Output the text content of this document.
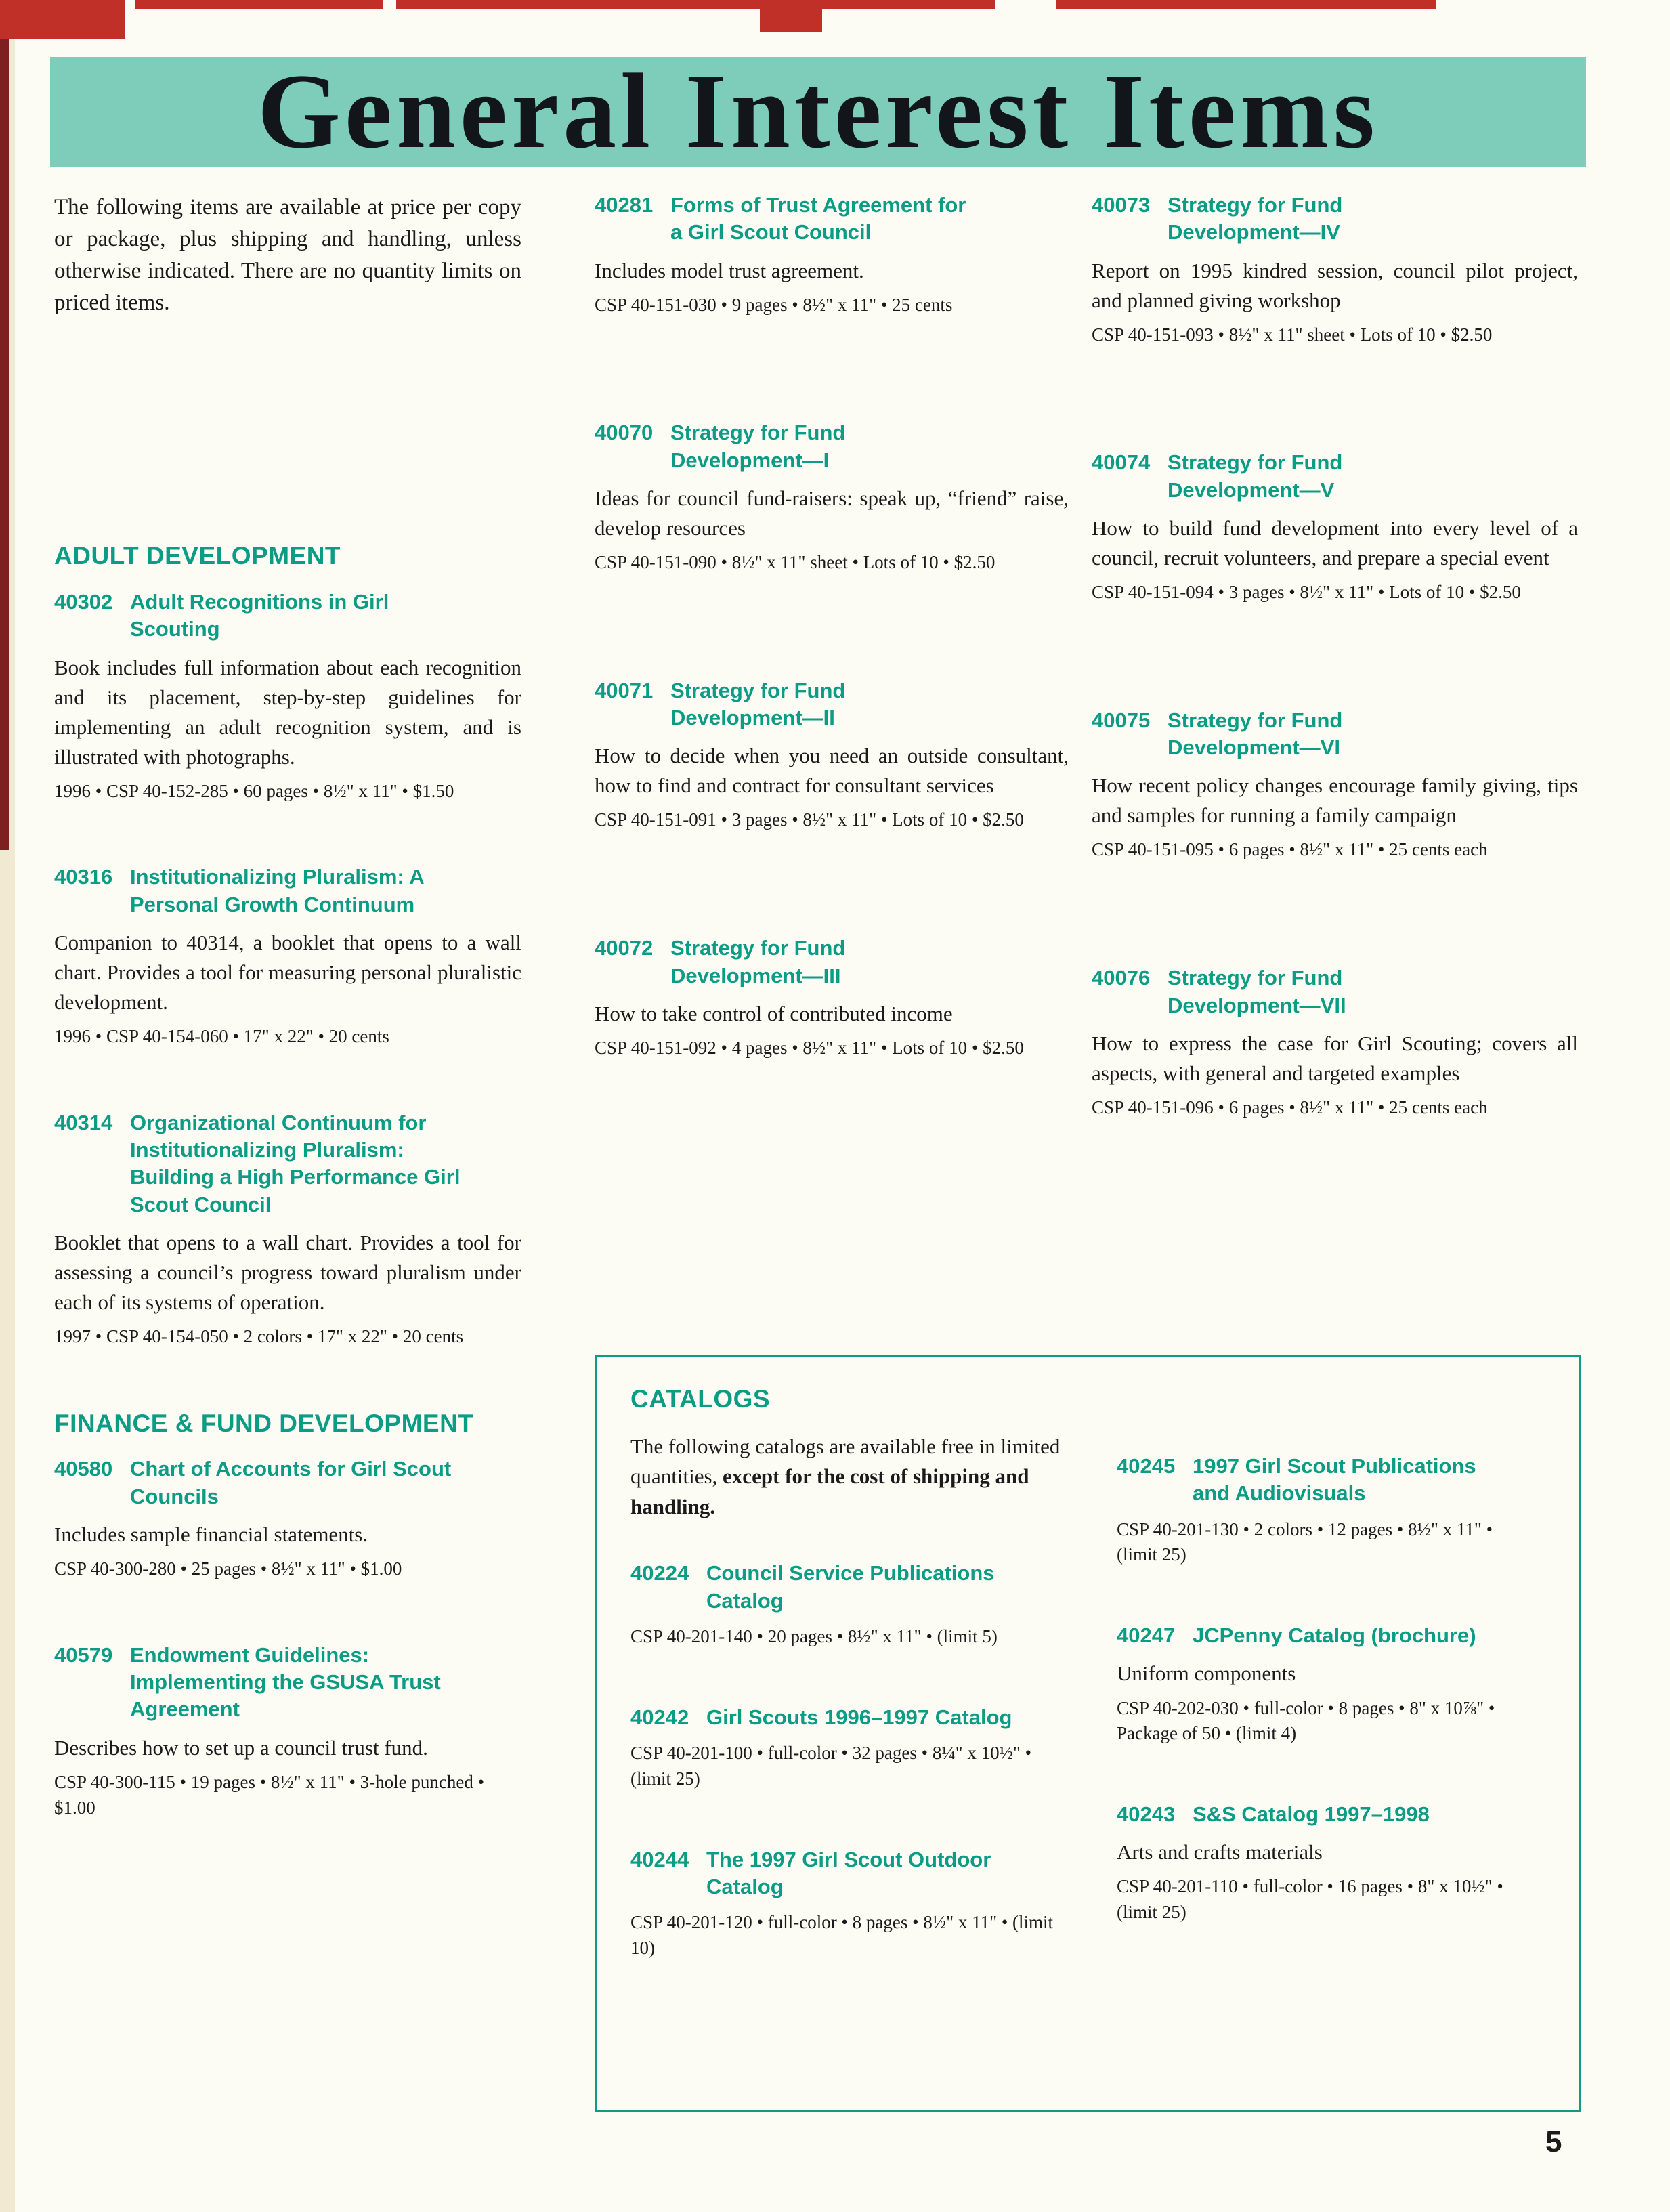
General Interest Items

The following items are available at price per copy or package, plus shipping and handling, unless otherwise indicated. There are no quantity limits on priced items.

ADULT DEVELOPMENT
40302 Adult Recognitions in Girl Scouting

Book includes full information about each recognition and its placement, step-by-step guidelines for implementing an adult recognition system, and is illustrated with photographs.

1996 • CSP 40-152-285 • 60 pages • 8½" x 11" • $1.50

40316 Institutionalizing Pluralism: A Personal Growth Continuum

Companion to 40314, a booklet that opens to a wall chart. Provides a tool for measuring personal pluralistic development.

1996 • CSP 40-154-060 • 17" x 22" • 20 cents

40314 Organizational Continuum for Institutionalizing Pluralism: Building a High Performance Girl Scout Council

Booklet that opens to a wall chart. Provides a tool for assessing a council’s progress toward pluralism under each of its systems of operation.

1997 • CSP 40-154-050 • 2 colors • 17" x 22" • 20 cents

FINANCE & FUND DEVELOPMENT
40580 Chart of Accounts for Girl Scout Councils

Includes sample financial statements.

CSP 40-300-280 • 25 pages • 8½" x 11" • $1.00

40579 Endowment Guidelines: Implementing the GSUSA Trust Agreement

Describes how to set up a council trust fund.

CSP 40-300-115 • 19 pages • 8½" x 11" • 3-hole punched • $1.00

40281 Forms of Trust Agreement for a Girl Scout Council

Includes model trust agreement.

CSP 40-151-030 • 9 pages • 8½" x 11" • 25 cents

40070 Strategy for Fund Development—I

Ideas for council fund-raisers: speak up, “friend” raise, develop resources

CSP 40-151-090 • 8½" x 11" sheet • Lots of 10 • $2.50

40071 Strategy for Fund Development—II

How to decide when you need an outside consultant, how to find and contract for consultant services

CSP 40-151-091 • 3 pages • 8½" x 11" • Lots of 10 • $2.50

40072 Strategy for Fund Development—III

How to take control of contributed income

CSP 40-151-092 • 4 pages • 8½" x 11" • Lots of 10 • $2.50

40073 Strategy for Fund Development—IV

Report on 1995 kindred session, council pilot project, and planned giving workshop

CSP 40-151-093 • 8½" x 11" sheet • Lots of 10 • $2.50

40074 Strategy for Fund Development—V

How to build fund development into every level of a council, recruit volunteers, and prepare a special event

CSP 40-151-094 • 3 pages • 8½" x 11" • Lots of 10 • $2.50

40075 Strategy for Fund Development—VI

How recent policy changes encourage family giving, tips and samples for running a family campaign

CSP 40-151-095 • 6 pages • 8½" x 11" • 25 cents each

40076 Strategy for Fund Development—VII

How to express the case for Girl Scouting; covers all aspects, with general and targeted examples

CSP 40-151-096 • 6 pages • 8½" x 11" • 25 cents each

CATALOGS

The following catalogs are available free in limited quantities, except for the cost of shipping and handling.

40224 Council Service Publications Catalog

CSP 40-201-140 • 20 pages • 8½" x 11" • (limit 5)

40242 Girl Scouts 1996–1997 Catalog

CSP 40-201-100 • full-color • 32 pages • 8¼" x 10½" • (limit 25)

40244 The 1997 Girl Scout Outdoor Catalog

CSP 40-201-120 • full-color • 8 pages • 8½" x 11" • (limit 10)

40245 1997 Girl Scout Publications and Audiovisuals

CSP 40-201-130 • 2 colors • 12 pages • 8½" x 11" • (limit 25)

40247 JCPenny Catalog (brochure)

Uniform components

CSP 40-202-030 • full-color • 8 pages • 8" x 10⅞" • Package of 50 • (limit 4)

40243 S&S Catalog 1997–1998

Arts and crafts materials

CSP 40-201-110 • full-color • 16 pages • 8" x 10½" • (limit 25)

5
